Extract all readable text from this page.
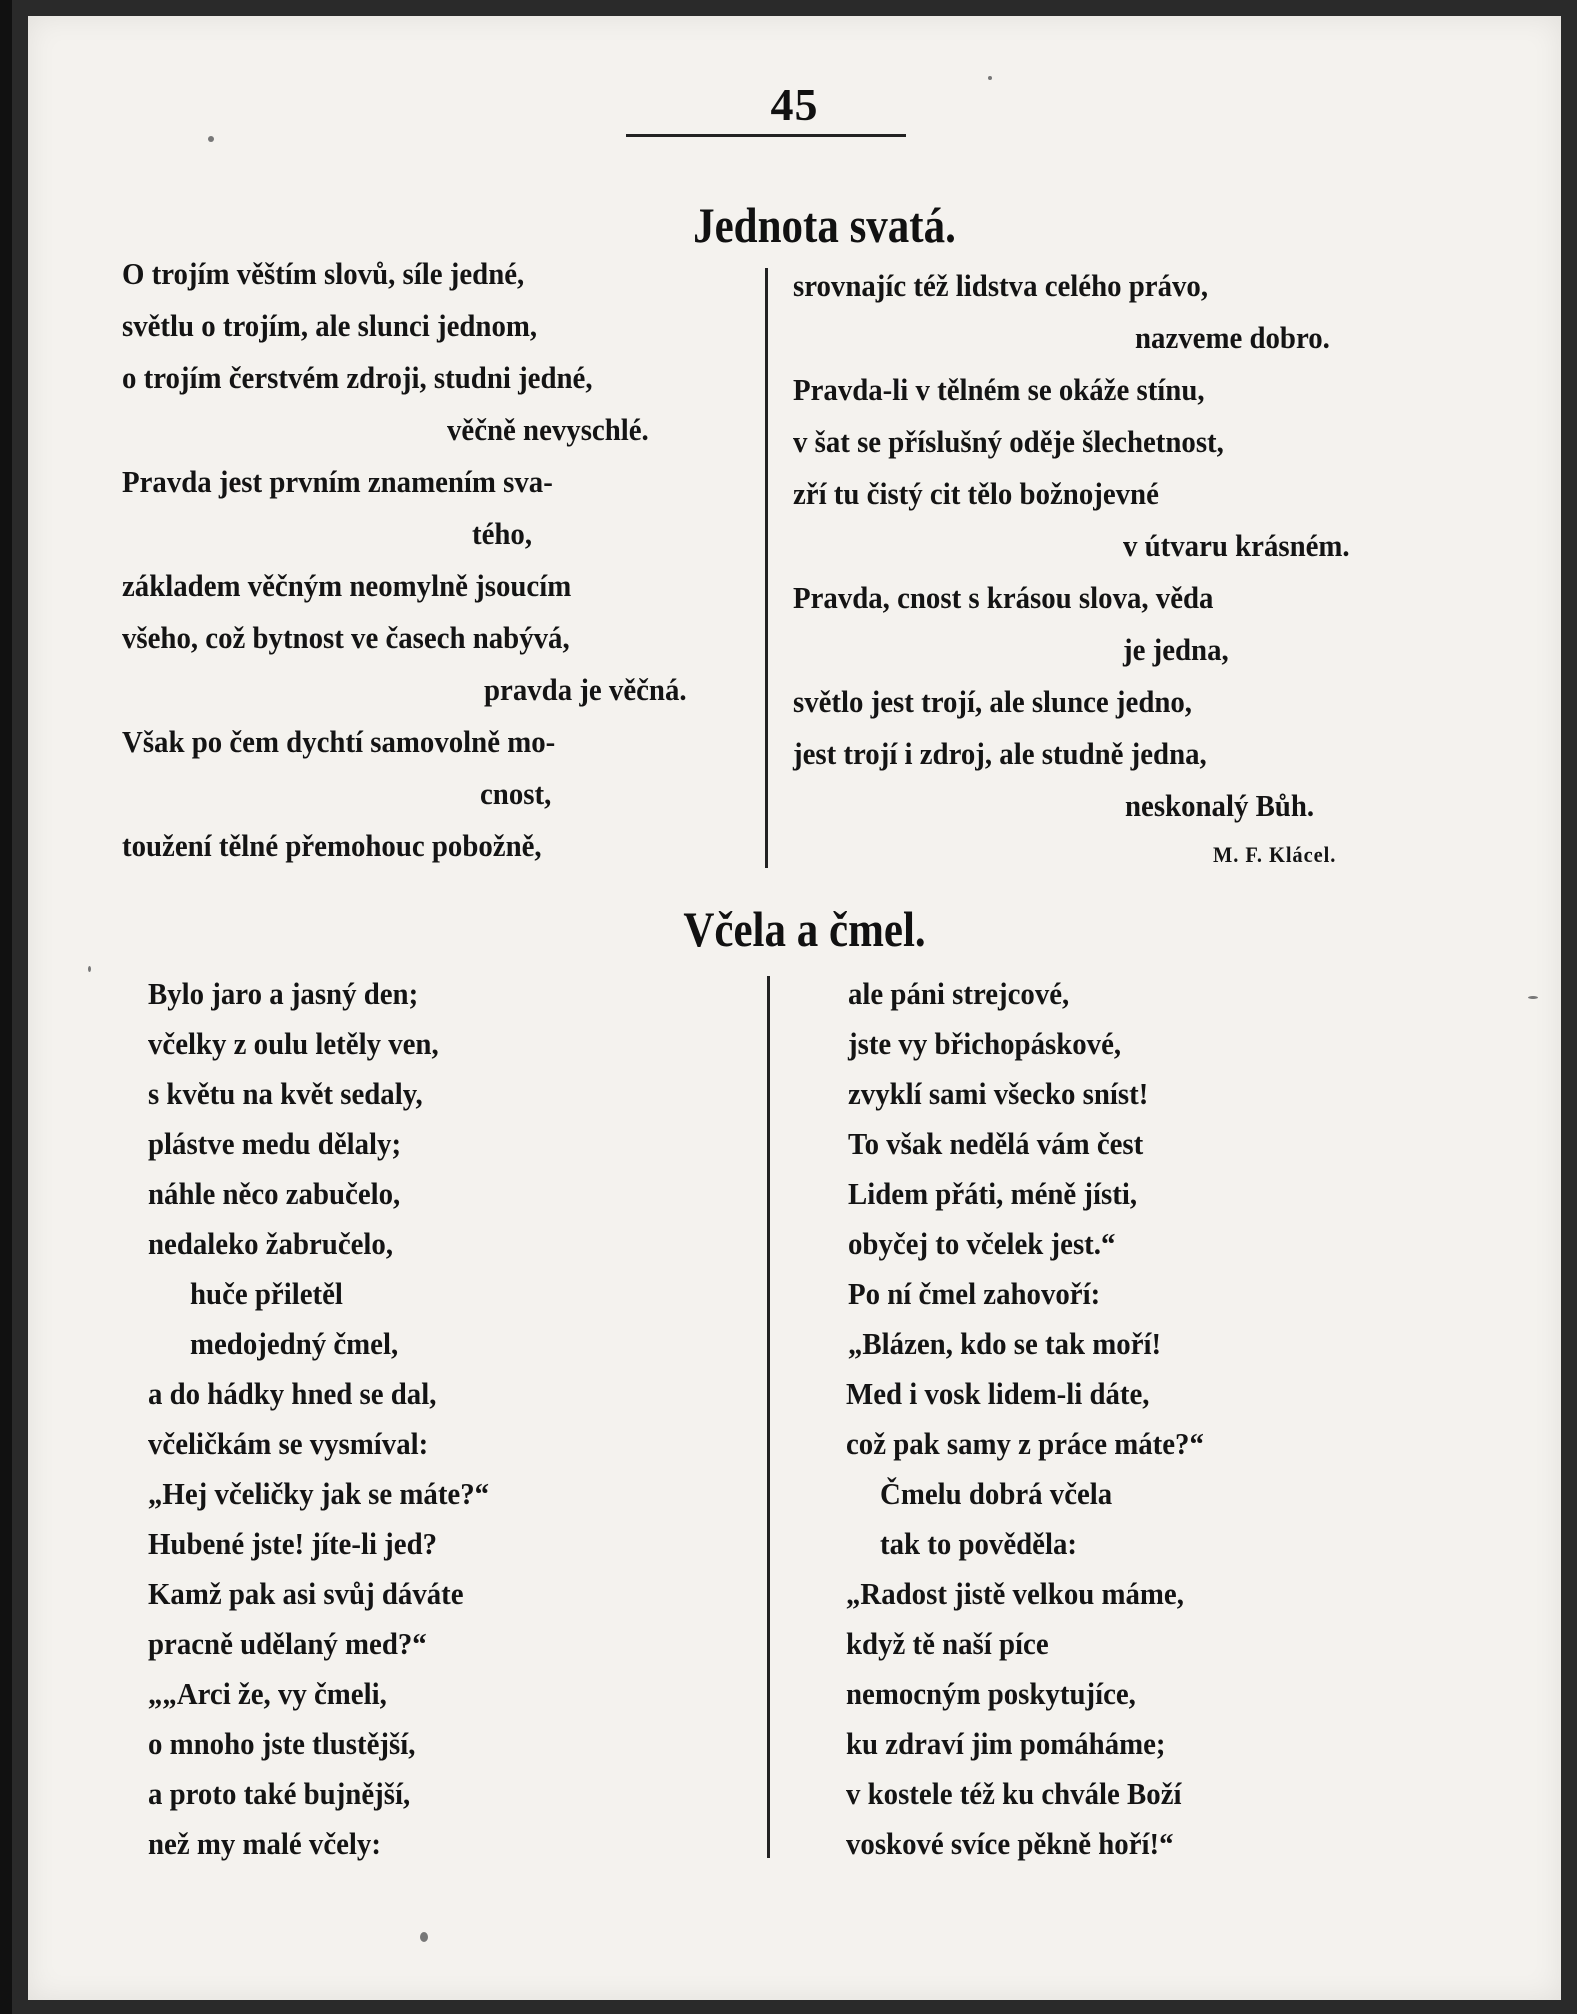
45
Jednota svatá.
O trojím věštím slovů, síle jedné,
světlu o trojím, ale slunci jednom,
o trojím čerstvém zdroji, studni jedné,
věčně nevyschlé.
Pravda jest prvním znamením sva-
tého,
základem věčným neomylně jsoucím
všeho, což bytnost ve časech nabývá,
pravda je věčná.
Však po čem dychtí samovolně mo-
cnost,
toužení tělné přemohouc pobožně,
srovnajíc též lidstva celého právo,
nazveme dobro.
Pravda-li v tělném se okáže stínu,
v šat se příslušný oděje šlechetnost,
zří tu čistý cit tělo božnojevné
v útvaru krásném.
Pravda, cnost s krásou slova, věda
je jedna,
světlo jest trojí, ale slunce jedno,
jest trojí i zdroj, ale studně jedna,
neskonalý Bůh.
M. F. Klácel.
Včela a čmel.
Bylo jaro a jasný den;
včelky z oulu letěly ven,
s květu na květ sedaly,
plástve medu dělaly;
náhle něco zabučelo,
nedaleko žabručelo,
huče přiletěl
medojedný čmel,
a do hádky hned se dal,
včeličkám se vysmíval:
„Hej včeličky jak se máte?“
Hubené jste! jíte-li jed?
Kamž pak asi svůj dáváte
pracně udělaný med?“
„„Arci že, vy čmeli,
o mnoho jste tlustější,
a proto také bujnější,
než my malé včely:
ale páni strejcové,
jste vy břichopáskové,
zvyklí sami všecko sníst!
To však nedělá vám čest
Lidem přáti, méně jísti,
obyčej to včelek jest.“
Po ní čmel zahovoří:
„Blázen, kdo se tak moří!
Med i vosk lidem-li dáte,
což pak samy z práce máte?“
Čmelu dobrá včela
tak to pověděla:
„Radost jistě velkou máme,
když tě naší píce
nemocným poskytujíce,
ku zdraví jim pomáháme;
v kostele též ku chvále Boží
voskové svíce pěkně hoří!“
